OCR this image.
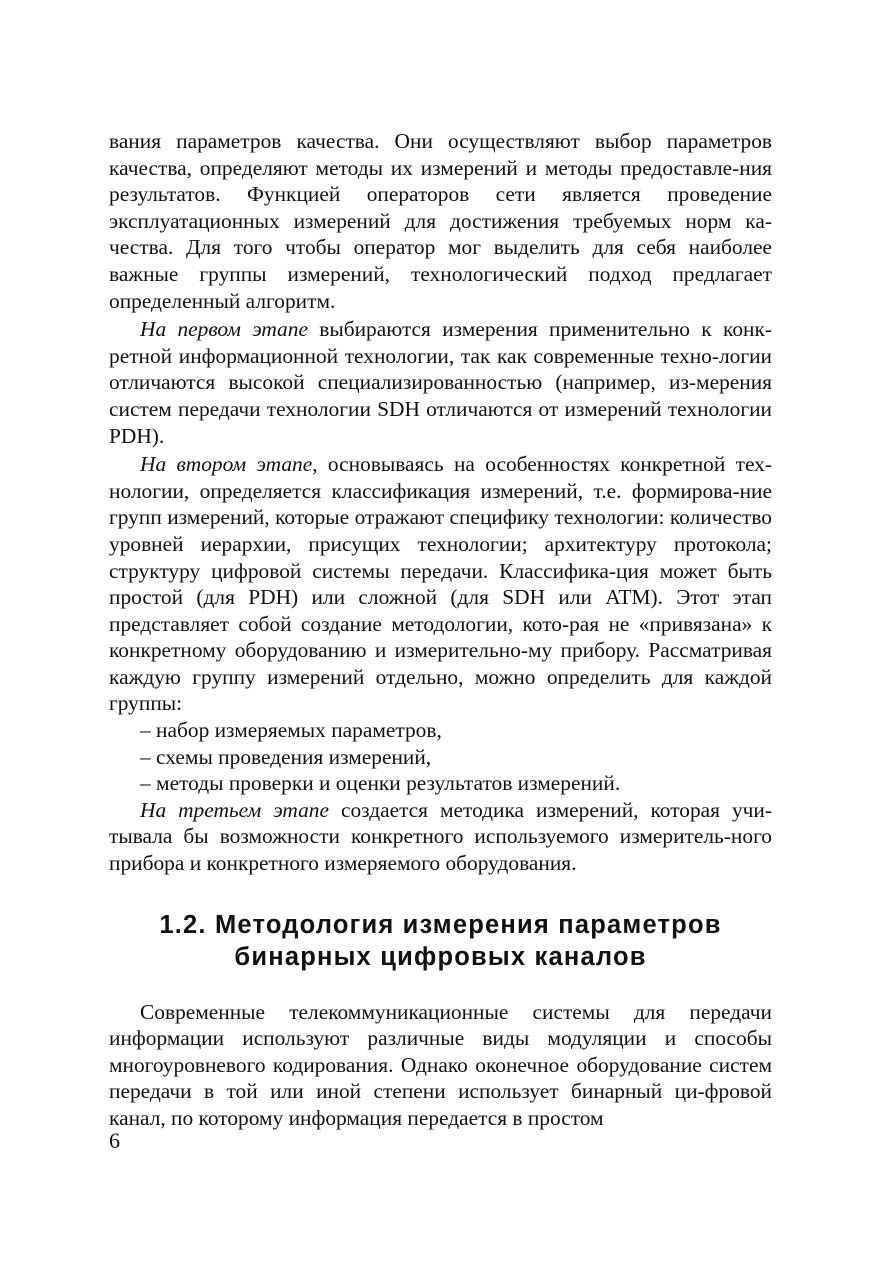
вания параметров качества. Они осуществляют выбор параметров качества, определяют методы их измерений и методы предоставле-ния результатов. Функцией операторов сети является проведение эксплуатационных измерений для достижения требуемых норм ка-чества. Для того чтобы оператор мог выделить для себя наиболее важные группы измерений, технологический подход предлагает определенный алгоритм.

На первом этапе выбираются измерения применительно к конк-ретной информационной технологии, так как современные техно-логии отличаются высокой специализированностью (например, из-мерения систем передачи технологии SDH отличаются от измерений технологии PDH).

На втором этапе, основываясь на особенностях конкретной тех-нологии, определяется классификация измерений, т.е. формирова-ние групп измерений, которые отражают специфику технологии: количество уровней иерархии, присущих технологии; архитектуру протокола; структуру цифровой системы передачи. Классифика-ция может быть простой (для PDH) или сложной (для SDH или ATM). Этот этап представляет собой создание методологии, кото-рая не «привязана» к конкретному оборудованию и измерительно-му прибору. Рассматривая каждую группу измерений отдельно, можно определить для каждой группы:

– набор измеряемых параметров,
– схемы проведения измерений,
– методы проверки и оценки результатов измерений.

На третьем этапе создается методика измерений, которая учи-тывала бы возможности конкретного используемого измеритель-ного прибора и конкретного измеряемого оборудования.

1.2. Методология измерения параметров
бинарных цифровых каналов

Современные телекоммуникационные системы для передачи информации используют различные виды модуляции и способы многоуровневого кодирования. Однако оконечное оборудование систем передачи в той или иной степени использует бинарный ци-фровой канал, по которому информация передается в простом

6
